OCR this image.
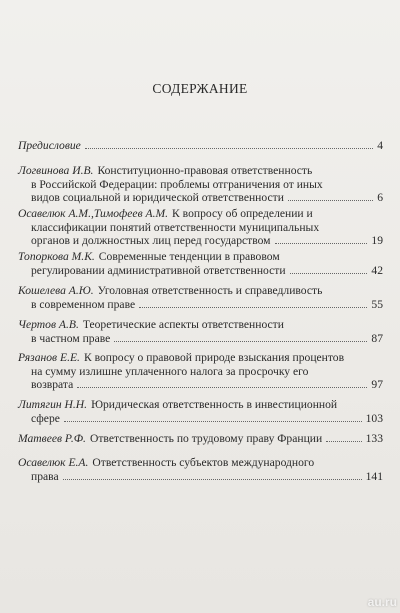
СОДЕРЖАНИЕ
Предисловие	4
Логвинова И.В. Конституционно-правовая ответственность
в Российской Федерации: проблемы отграничения от иных
видов социальной и юридической ответственности	6
Осавелюк А.М.,Тимофеев А.М. К вопросу об определении и
классификации понятий ответственности муниципальных
органов и должностных лиц перед государством	19
Топоркова М.К. Современные тенденции в правовом
регулировании административной ответственности	42
Кошелева А.Ю. Уголовная ответственность и справедливость
в современном праве	55
Чертов А.В. Теоретические аспекты ответственности
в частном праве	87
Рязанов Е.Е. К вопросу о правовой природе взыскания процентов
на сумму излишне уплаченного налога за просрочку его
возврата	97
Литягин Н.Н. Юридическая ответственность в инвестиционной
сфере	103
Матвеев Р.Ф. Ответственность по трудовому праву Франции	133
Осавелюк Е.А. Ответственность субъектов международного
права	141
au.ru
